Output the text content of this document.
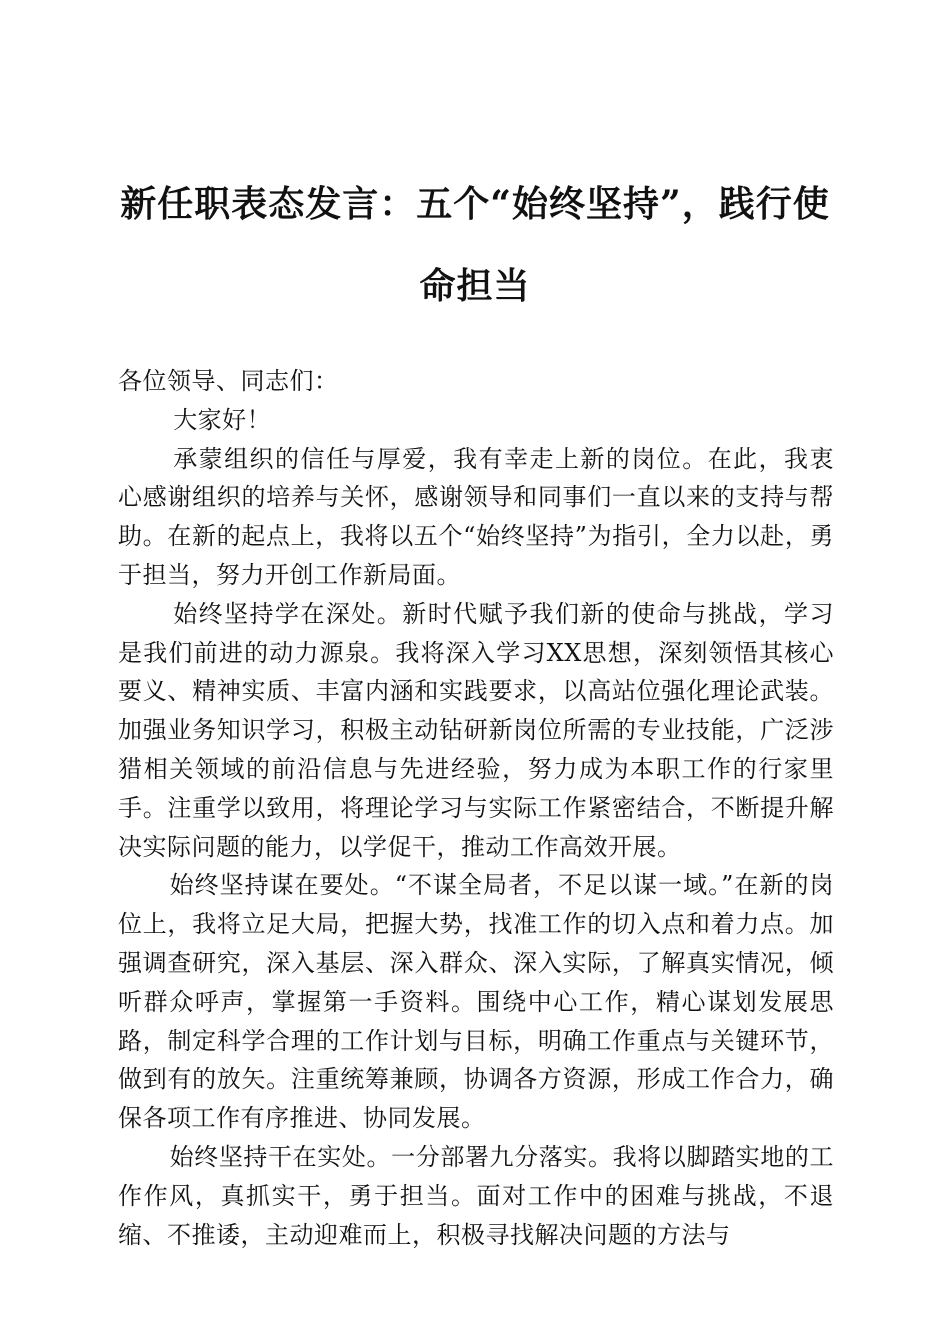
新任职表态发言：五个“始终坚持”，践行使命担当

各位领导、同志们：

大家好！

承蒙组织的信任与厚爱，我有幸走上新的岗位。在此，我衷心感谢组织的培养与关怀，感谢领导和同事们一直以来的支持与帮助。在新的起点上，我将以五个“始终坚持”为指引，全力以赴，勇于担当，努力开创工作新局面。

始终坚持学在深处。新时代赋予我们新的使命与挑战，学习是我们前进的动力源泉。我将深入学习XX思想，深刻领悟其核心要义、精神实质、丰富内涵和实践要求，以高站位强化理论武装。加强业务知识学习，积极主动钻研新岗位所需的专业技能，广泛涉猎相关领域的前沿信息与先进经验，努力成为本职工作的行家里手。注重学以致用，将理论学习与实际工作紧密结合，不断提升解决实际问题的能力，以学促干，推动工作高效开展。

始终坚持谋在要处。“不谋全局者，不足以谋一域。”在新的岗位上，我将立足大局，把握大势，找准工作的切入点和着力点。加强调查研究，深入基层、深入群众、深入实际，了解真实情况，倾听群众呼声，掌握第一手资料。围绕中心工作，精心谋划发展思路，制定科学合理的工作计划与目标，明确工作重点与关键环节，做到有的放矢。注重统筹兼顾，协调各方资源，形成工作合力，确保各项工作有序推进、协同发展。

始终坚持干在实处。一分部署九分落实。我将以脚踏实地的工作作风，真抓实干，勇于担当。面对工作中的困难与挑战，不退缩、不推诿，主动迎难而上，积极寻找解决问题的方法与
